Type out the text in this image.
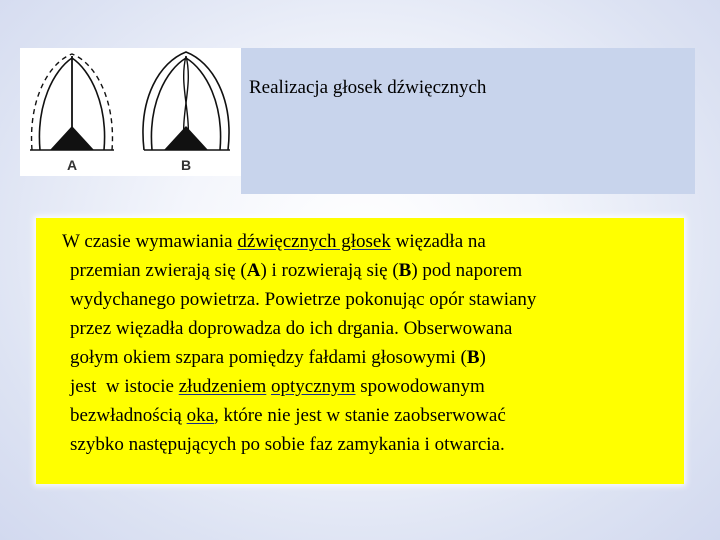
A	B
Realizacja głosek dźwięcznych
W czasie wymawiania dźwięcznych głosek więzadła na
przemian zwierają się (A) i rozwierają się (B) pod naporem
wydychanego powietrza. Powietrze pokonując opór stawiany
przez więzadła doprowadza do ich drgania. Obserwowana
gołym okiem szpara pomiędzy fałdami głosowymi (B)
jest  w istocie złudzeniem optycznym spowodowanym
bezwładnością oka, które nie jest w stanie zaobserwować
szybko następujących po sobie faz zamykania i otwarcia.
